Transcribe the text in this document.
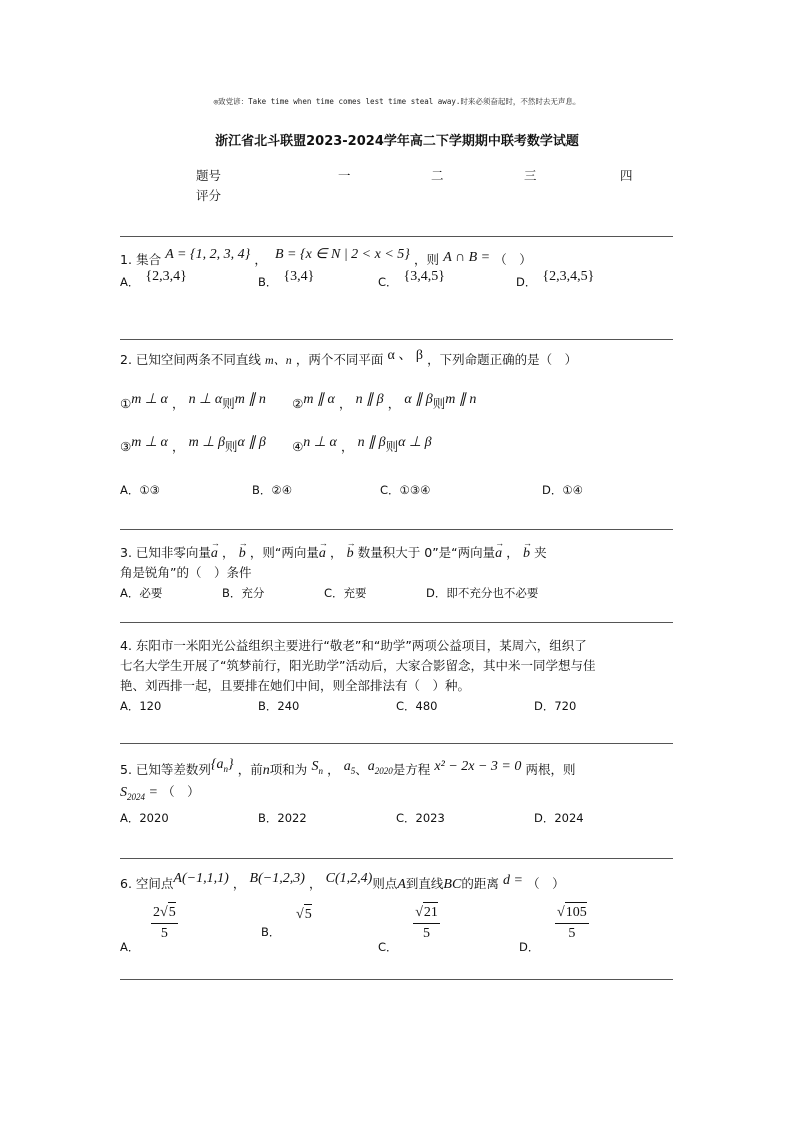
◎致党谚：Take time when time comes lest time steal away.时来必须奋起时，不然时去无声息。
浙江省北斗联盟2023-2024学年高二下学期期中联考数学试题
题号	一	二	三	四
评分
1. 集合 A = {1, 2, 3, 4} ， B = {x ∈ N | 2 < x < 5} ，则 A ∩ B = （　）
A． {2,3,4}	B． {3,4}	C． {3,4,5}	D． {2,3,4,5}
2. 已知空间两条不同直线 m、n ，两个不同平面 α 、 β ，下列命题正确的是（　）
①m ⊥ α ， n ⊥ α则m ∥ n ②m ∥ α ， n ∥ β ， α ∥ β则m ∥ n
③m ⊥ α ， m ⊥ β则α ∥ β ④n ⊥ α ， n ∥ β则α ⊥ β
A．①③	B．②④	C．①③④	D．①④
3. 已知非零向量→ a ， → b ，则“两向量→ a ， → b 数量积大于 0”是“两向量→ a ， → b 夹
角是锐角”的（　）条件
A．必要	B．充分	C．充要	D．即不充分也不必要
4. 东阳市一米阳光公益组织主要进行“敬老”和“助学”两项公益项目，某周六，组织了
七名大学生开展了“筑梦前行，阳光助学”活动后，大家合影留念，其中米一同学想与佳
艳、刘西排一起，且要排在她们中间，则全部排法有（　）种。
A．120	B．240	C．480	D．720
5. 已知等差数列$\{a_n\}$ ，前n项和为 $S_n$ ， $a_5$、$a_{2020}$是方程 x² − 2x − 3 = 0 两根，则
$S_{2024}$ = （　）
A．2020	B．2022	C．2023	D．2024
6. 空间点A(−1,1,1) ， B(−1,2,3) ， C(1,2,4)则点A到直线BC的距离 d = （　）
A．
$\frac{2√5}{5}$	B． √5
C．
$\frac{√21}{5}$
D．
$\frac{√105}{5}$
